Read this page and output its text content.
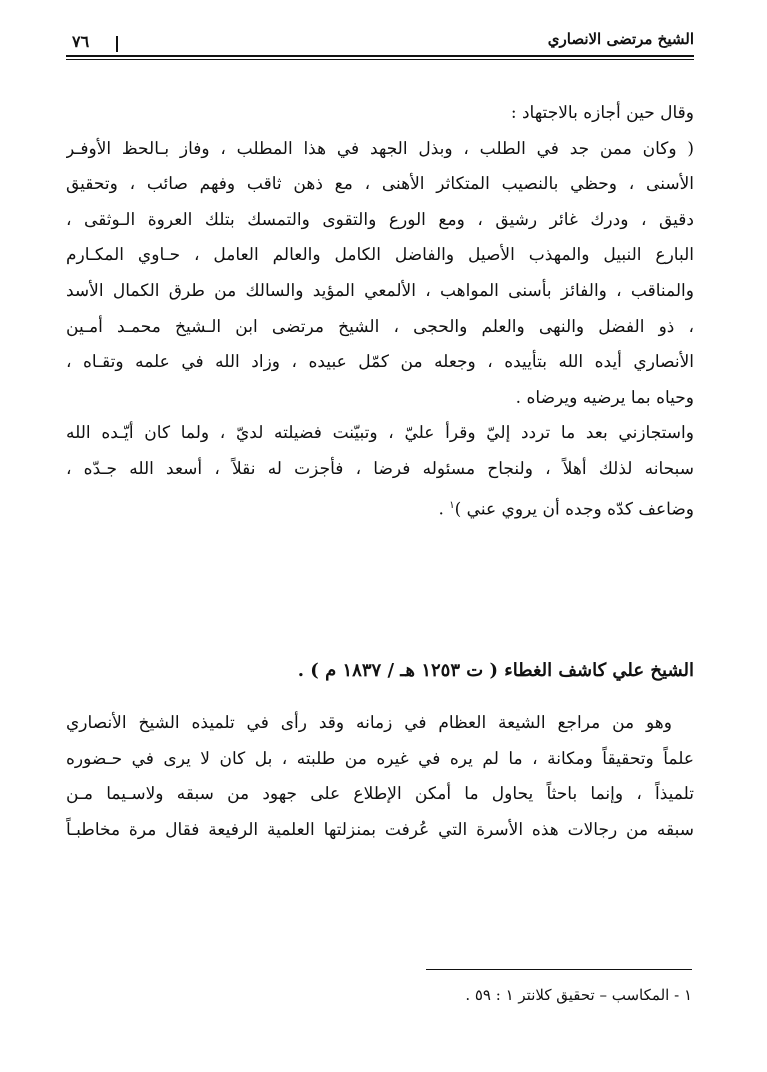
الشيخ مرتضى الانصاري
٧٦
وقال حين أجازه بالاجتهاد :
( وكان ممن جد في الطلب ، وبذل الجهد في هذا المطلب ، وفاز بـالحظ الأوفـر
الأسنى ، وحظي بالنصيب المتكاثر الأهنى ، مع ذهن ثاقب وفهم صائب ، وتحقيق
دقيق ، ودرك غائر رشيق ، ومع الورع والتقوى والتمسك بتلك العروة الـوثقى ،
البارع النبيل والمهذب الأصيل والفاضل الكامل والعالم العامل ، حـاوي المكـارم
والمناقب ، والفائز بأسنى المواهب ، الألمعي المؤيد والسالك من طرق الكمال الأسد
، ذو الفضل والنهى والعلم والحجى ، الشيخ مرتضى ابن الـشيخ محمـد أمـين
الأنصاري أيده الله بتأييده ، وجعله من كمّل عبيده ، وزاد الله في علمه وتقـاه ،
وحياه بما يرضيه ويرضاه .
واستجازني بعد ما تردد إليّ وقرأ عليّ ، وتبيّنت فضيلته لديّ ، ولما كان أيّـده الله
سبحانه لذلك أهلاً ، ولنجاح مسئوله فرضا ، فأجزت له نقلاً ، أسعد الله جـدّه ،
وضاعف كدّه وجده أن يروي عني )$^١$ .
الشيخ علي كاشف الغطاء ( ت ١٢٥٣ هـ / ١٨٣٧ م ) .
وهو من مراجع الشيعة العظام في زمانه وقد رأى في تلميذه الشيخ الأنصاري
علماً وتحقيقاً ومكانة ، ما لم يره في غيره من طلبته ، بل كان لا يرى في حـضوره
تلميذاً ، وإنما باحثاً يحاول ما أمكن الإطلاع على جهود من سبقه ولاسـيما مـن
سبقه من رجالات هذه الأسرة التي عُرفت بمنزلتها العلمية الرفيعة فقال مرة مخاطبـاً
١ - المكاسب – تحقيق كلانتر ١ : ٥٩ .
